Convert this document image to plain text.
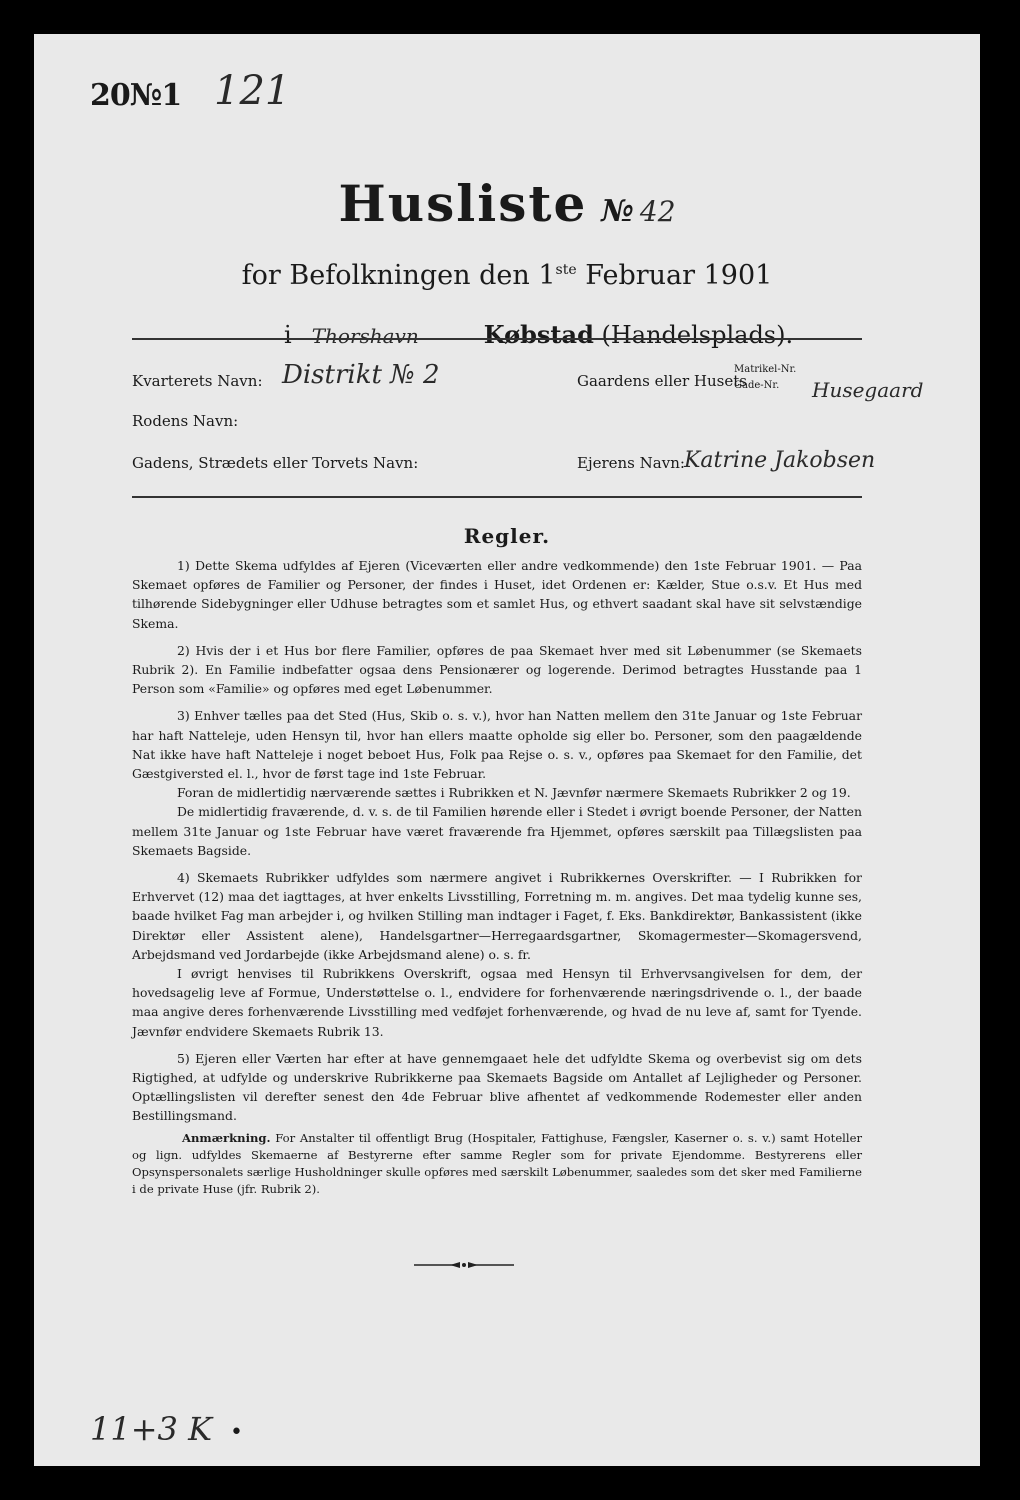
20№1 121
Husliste № 42
for Befolkningen den 1ste Februar 1901
i Thorshavn	Købstad (Handelsplads).
Kvarterets Navn: Distrikt № 2
Rodens Navn:
Gadens, Strædets eller Torvets Navn:
Gaardens eller Husets
Matrikel-Nr.
Gade-Nr.	Husegaard
Ejerens Navn: Katrine Jakobsen
Regler.

1) Dette Skema udfyldes af Ejeren (Viceværten eller andre vedkommende) den 1ste Februar 1901. — Paa Skemaet opføres de Familier og Personer, der findes i Huset, idet Ordenen er: Kælder, Stue o.s.v. Et Hus med tilhørende Sidebygninger eller Udhuse betragtes som et samlet Hus, og ethvert saadant skal have sit selvstændige Skema.

2) Hvis der i et Hus bor flere Familier, opføres de paa Skemaet hver med sit Løbenummer (se Skemaets Rubrik 2). En Familie indbefatter ogsaa dens Pensionærer og logerende. Derimod betragtes Husstande paa 1 Person som «Familie» og opføres med eget Løbenummer.

3) Enhver tælles paa det Sted (Hus, Skib o. s. v.), hvor han Natten mellem den 31te Januar og 1ste Februar har haft Natteleje, uden Hensyn til, hvor han ellers maatte opholde sig eller bo. Personer, som den paagældende Nat ikke have haft Natteleje i noget beboet Hus, Folk paa Rejse o. s. v., opføres paa Skemaet for den Familie, det Gæstgiversted el. l., hvor de først tage ind 1ste Februar.

Foran de midlertidig nærværende sættes i Rubrikken et N. Jævnfør nærmere Skemaets Rubrikker 2 og 19.

De midlertidig fraværende, d. v. s. de til Familien hørende eller i Stedet i øvrigt boende Personer, der Natten mellem 31te Januar og 1ste Februar have været fraværende fra Hjemmet, opføres særskilt paa Tillægslisten paa Skemaets Bagside.

4) Skemaets Rubrikker udfyldes som nærmere angivet i Rubrikkernes Overskrifter. — I Rubrikken for Erhvervet (12) maa det iagttages, at hver enkelts Livsstilling, Forretning m. m. angives. Det maa tydelig kunne ses, baade hvilket Fag man arbejder i, og hvilken Stilling man indtager i Faget, f. Eks. Bankdirektør, Bankassistent (ikke Direktør eller Assistent alene), Handelsgartner—Herregaardsgartner, Skomagermester—Skomagersvend, Arbejdsmand ved Jordarbejde (ikke Arbejdsmand alene) o. s. fr.

I øvrigt henvises til Rubrikkens Overskrift, ogsaa med Hensyn til Erhvervsangivelsen for dem, der hovedsagelig leve af Formue, Understøttelse o. l., endvidere for forhenværende næringsdrivende o. l., der baade maa angive deres forhenværende Livsstilling med vedføjet forhenværende, og hvad de nu leve af, samt for Tyende. Jævnfør endvidere Skemaets Rubrik 13.

5) Ejeren eller Værten har efter at have gennemgaaet hele det udfyldte Skema og overbevist sig om dets Rigtighed, at udfylde og underskrive Rubrikkerne paa Skemaets Bagside om Antallet af Lejligheder og Personer. Optællingslisten vil derefter senest den 4de Februar blive afhentet af vedkommende Rodemester eller anden Bestillingsmand.

Anmærkning. For Anstalter til offentligt Brug (Hospitaler, Fattighuse, Fængsler, Kaserner o. s. v.) samt Hoteller og lign. udfyldes Skemaerne af Bestyrerne efter samme Regler som for private Ejendomme. Bestyrerens eller Opsynspersonalets særlige Husholdninger skulle opføres med særskilt Løbenummer, saaledes som det sker med Familierne i de private Huse (jfr. Rubrik 2).

11+3 K •
